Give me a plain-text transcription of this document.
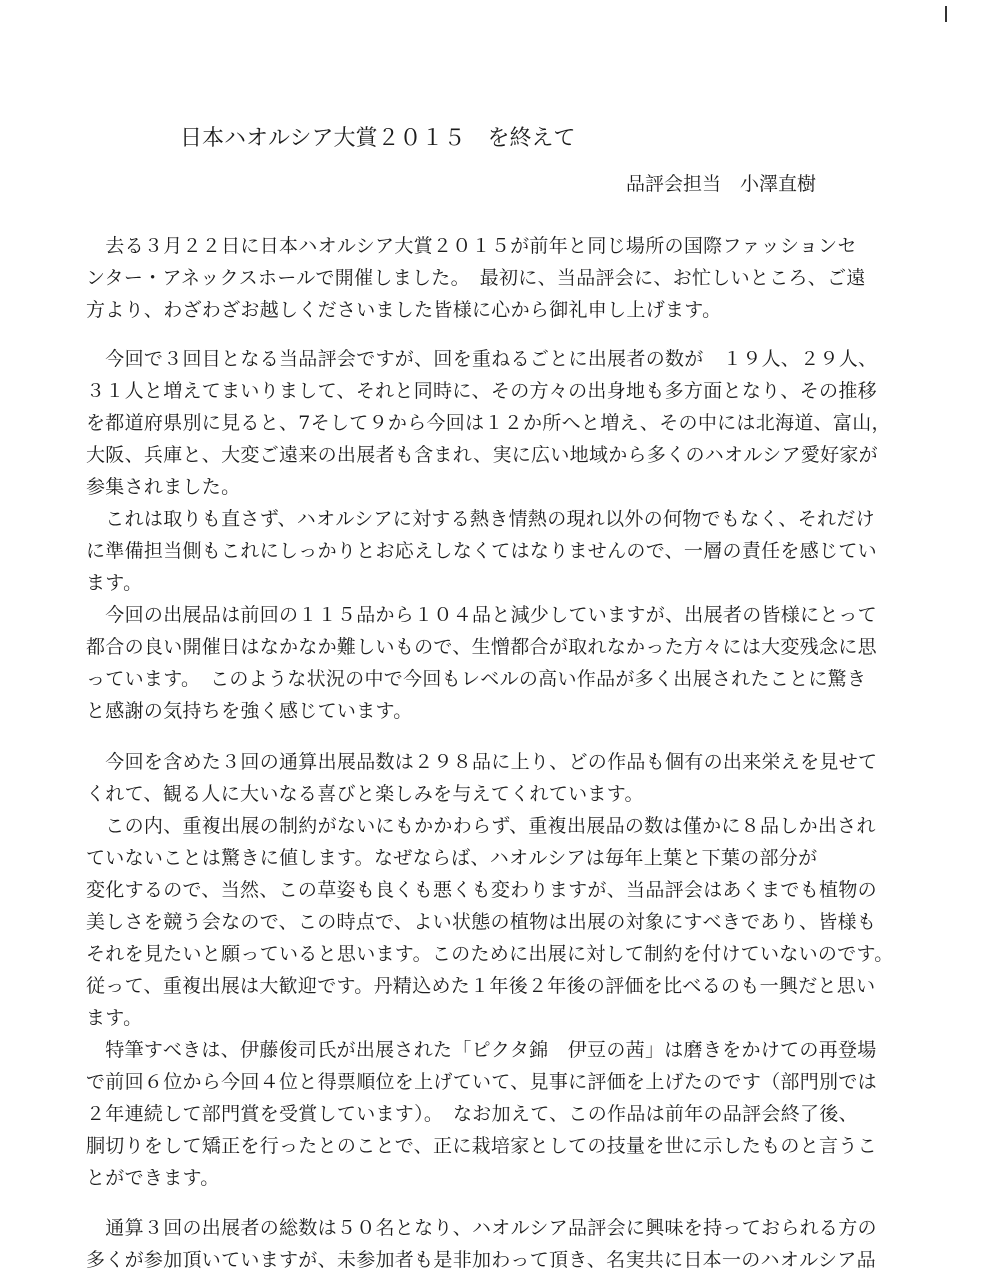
日本ハオルシア大賞２０１５　を終えて
品評会担当　小澤直樹

　去る３月２２日に日本ハオルシア大賞２０１５が前年と同じ場所の国際ファッションセ

ンター・アネックスホールで開催しました。　最初に、当品評会に、お忙しいところ、ご遠

方より、わざわざお越しくださいました皆様に心から御礼申し上げます。

　今回で３回目となる当品評会ですが、回を重ねるごとに出展者の数が　１９人、２９人、

３１人と増えてまいりまして、それと同時に、その方々の出身地も多方面となり、その推移

を都道府県別に見ると、7そして９から今回は１２か所へと増え、その中には北海道、富山，

大阪、兵庫と、大変ご遠来の出展者も含まれ、実に広い地域から多くのハオルシア愛好家が

参集されました。

　これは取りも直さず、ハオルシアに対する熱き情熱の現れ以外の何物でもなく、それだけ

に準備担当側もこれにしっかりとお応えしなくてはなりませんので、一層の責任を感じてい

ます。

　今回の出展品は前回の１１５品から１０４品と減少していますが、出展者の皆様にとって

都合の良い開催日はなかなか難しいもので、生憎都合が取れなかった方々には大変残念に思

っています。　このような状況の中で今回もレベルの高い作品が多く出展されたことに驚き

と感謝の気持ちを強く感じています。

　今回を含めた３回の通算出展品数は２９８品に上り、どの作品も個有の出来栄えを見せて

くれて、観る人に大いなる喜びと楽しみを与えてくれています。

　この内、重複出展の制約がないにもかかわらず、重複出展品の数は僅かに８品しか出され

ていないことは驚きに値します。なぜならば、ハオルシアは毎年上葉と下葉の部分が

変化するので、当然、この草姿も良くも悪くも変わりますが、当品評会はあくまでも植物の

美しさを競う会なので、この時点で、よい状態の植物は出展の対象にすべきであり、皆様も

それを見たいと願っていると思います。このために出展に対して制約を付けていないのです。

従って、重複出展は大歓迎です。丹精込めた１年後２年後の評価を比べるのも一興だと思い

ます。

　特筆すべきは、伊藤俊司氏が出展された「ピクタ錦　伊豆の茜」は磨きをかけての再登場

で前回６位から今回４位と得票順位を上げていて、見事に評価を上げたのです（部門別では

２年連続して部門賞を受賞しています）。　なお加えて、この作品は前年の品評会終了後、

胴切りをして矯正を行ったとのことで、正に栽培家としての技量を世に示したものと言うこ

とができます。

　通算３回の出展者の総数は５０名となり、ハオルシア品評会に興味を持っておられる方の

多くが参加頂いていますが、未参加者も是非加わって頂き、名実共に日本一のハオルシア品
